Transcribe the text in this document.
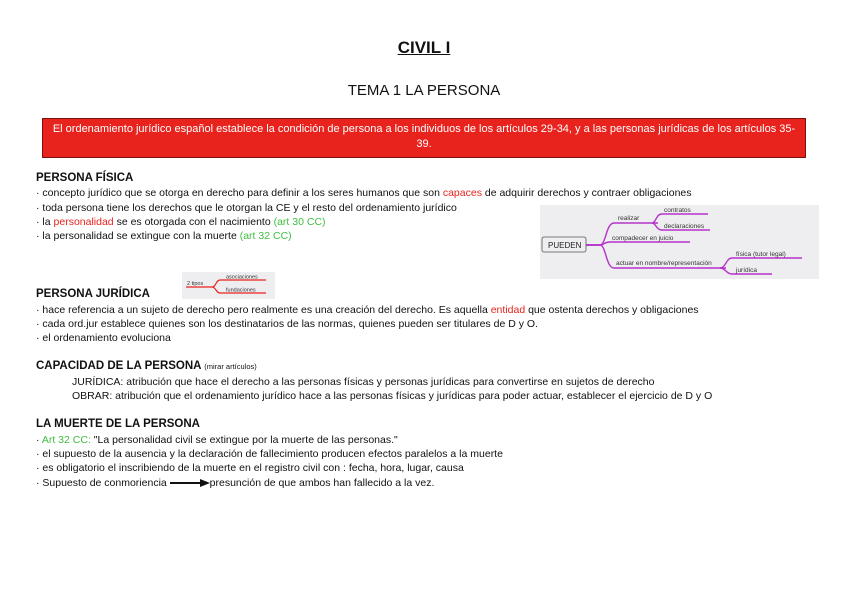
CIVIL I
TEMA 1 LA PERSONA
El ordenamiento jurídico español establece la condición de persona a los individuos de los artículos 29-34, y a las personas jurídicas de los artículos 35-39.
PERSONA FÍSICA
· concepto jurídico que se otorga en derecho para definir a los seres humanos que son capaces de adquirir derechos y contraer obligaciones
· toda persona tiene los derechos que le otorgan la CE y el resto del ordenamiento jurídico
· la personalidad se es otorgada con el nacimiento (art 30 CC)
· la personalidad se extingue con la muerte (art 32 CC)
PUEDEN
realizar
contratos
declaraciones
compadecer en juicio
actuar en nombre/representación
física (tutor legal)
jurídica
PERSONA JURÍDICA
2 tipos
asociaciones
fundaciones
· hace referencia a un sujeto de derecho pero realmente es una creación del derecho. Es aquella entidad que ostenta derechos y obligaciones
· cada ord.jur establece quienes son los destinatarios de las normas, quienes pueden ser titulares de D y O.
· el ordenamiento evoluciona
CAPACIDAD DE LA PERSONA (mirar artículos)
JURÍDICA: atribución que hace el derecho a las personas físicas y personas jurídicas para convertirse en sujetos de derecho
OBRAR: atribución que el ordenamiento jurídico hace a las personas físicas y jurídicas para poder actuar, establecer el ejercicio de D y O
LA MUERTE DE LA PERSONA
· Art 32 CC: "La personalidad civil se extingue por la muerte de las personas."
· el supuesto de la ausencia y la declaración de fallecimiento producen efectos paralelos a la muerte
· es obligatorio el inscribiendo de la muerte en el registro civil con : fecha, hora, lugar, causa
· Supuesto de conmoriencia	presunción de que ambos han fallecido a la vez.
